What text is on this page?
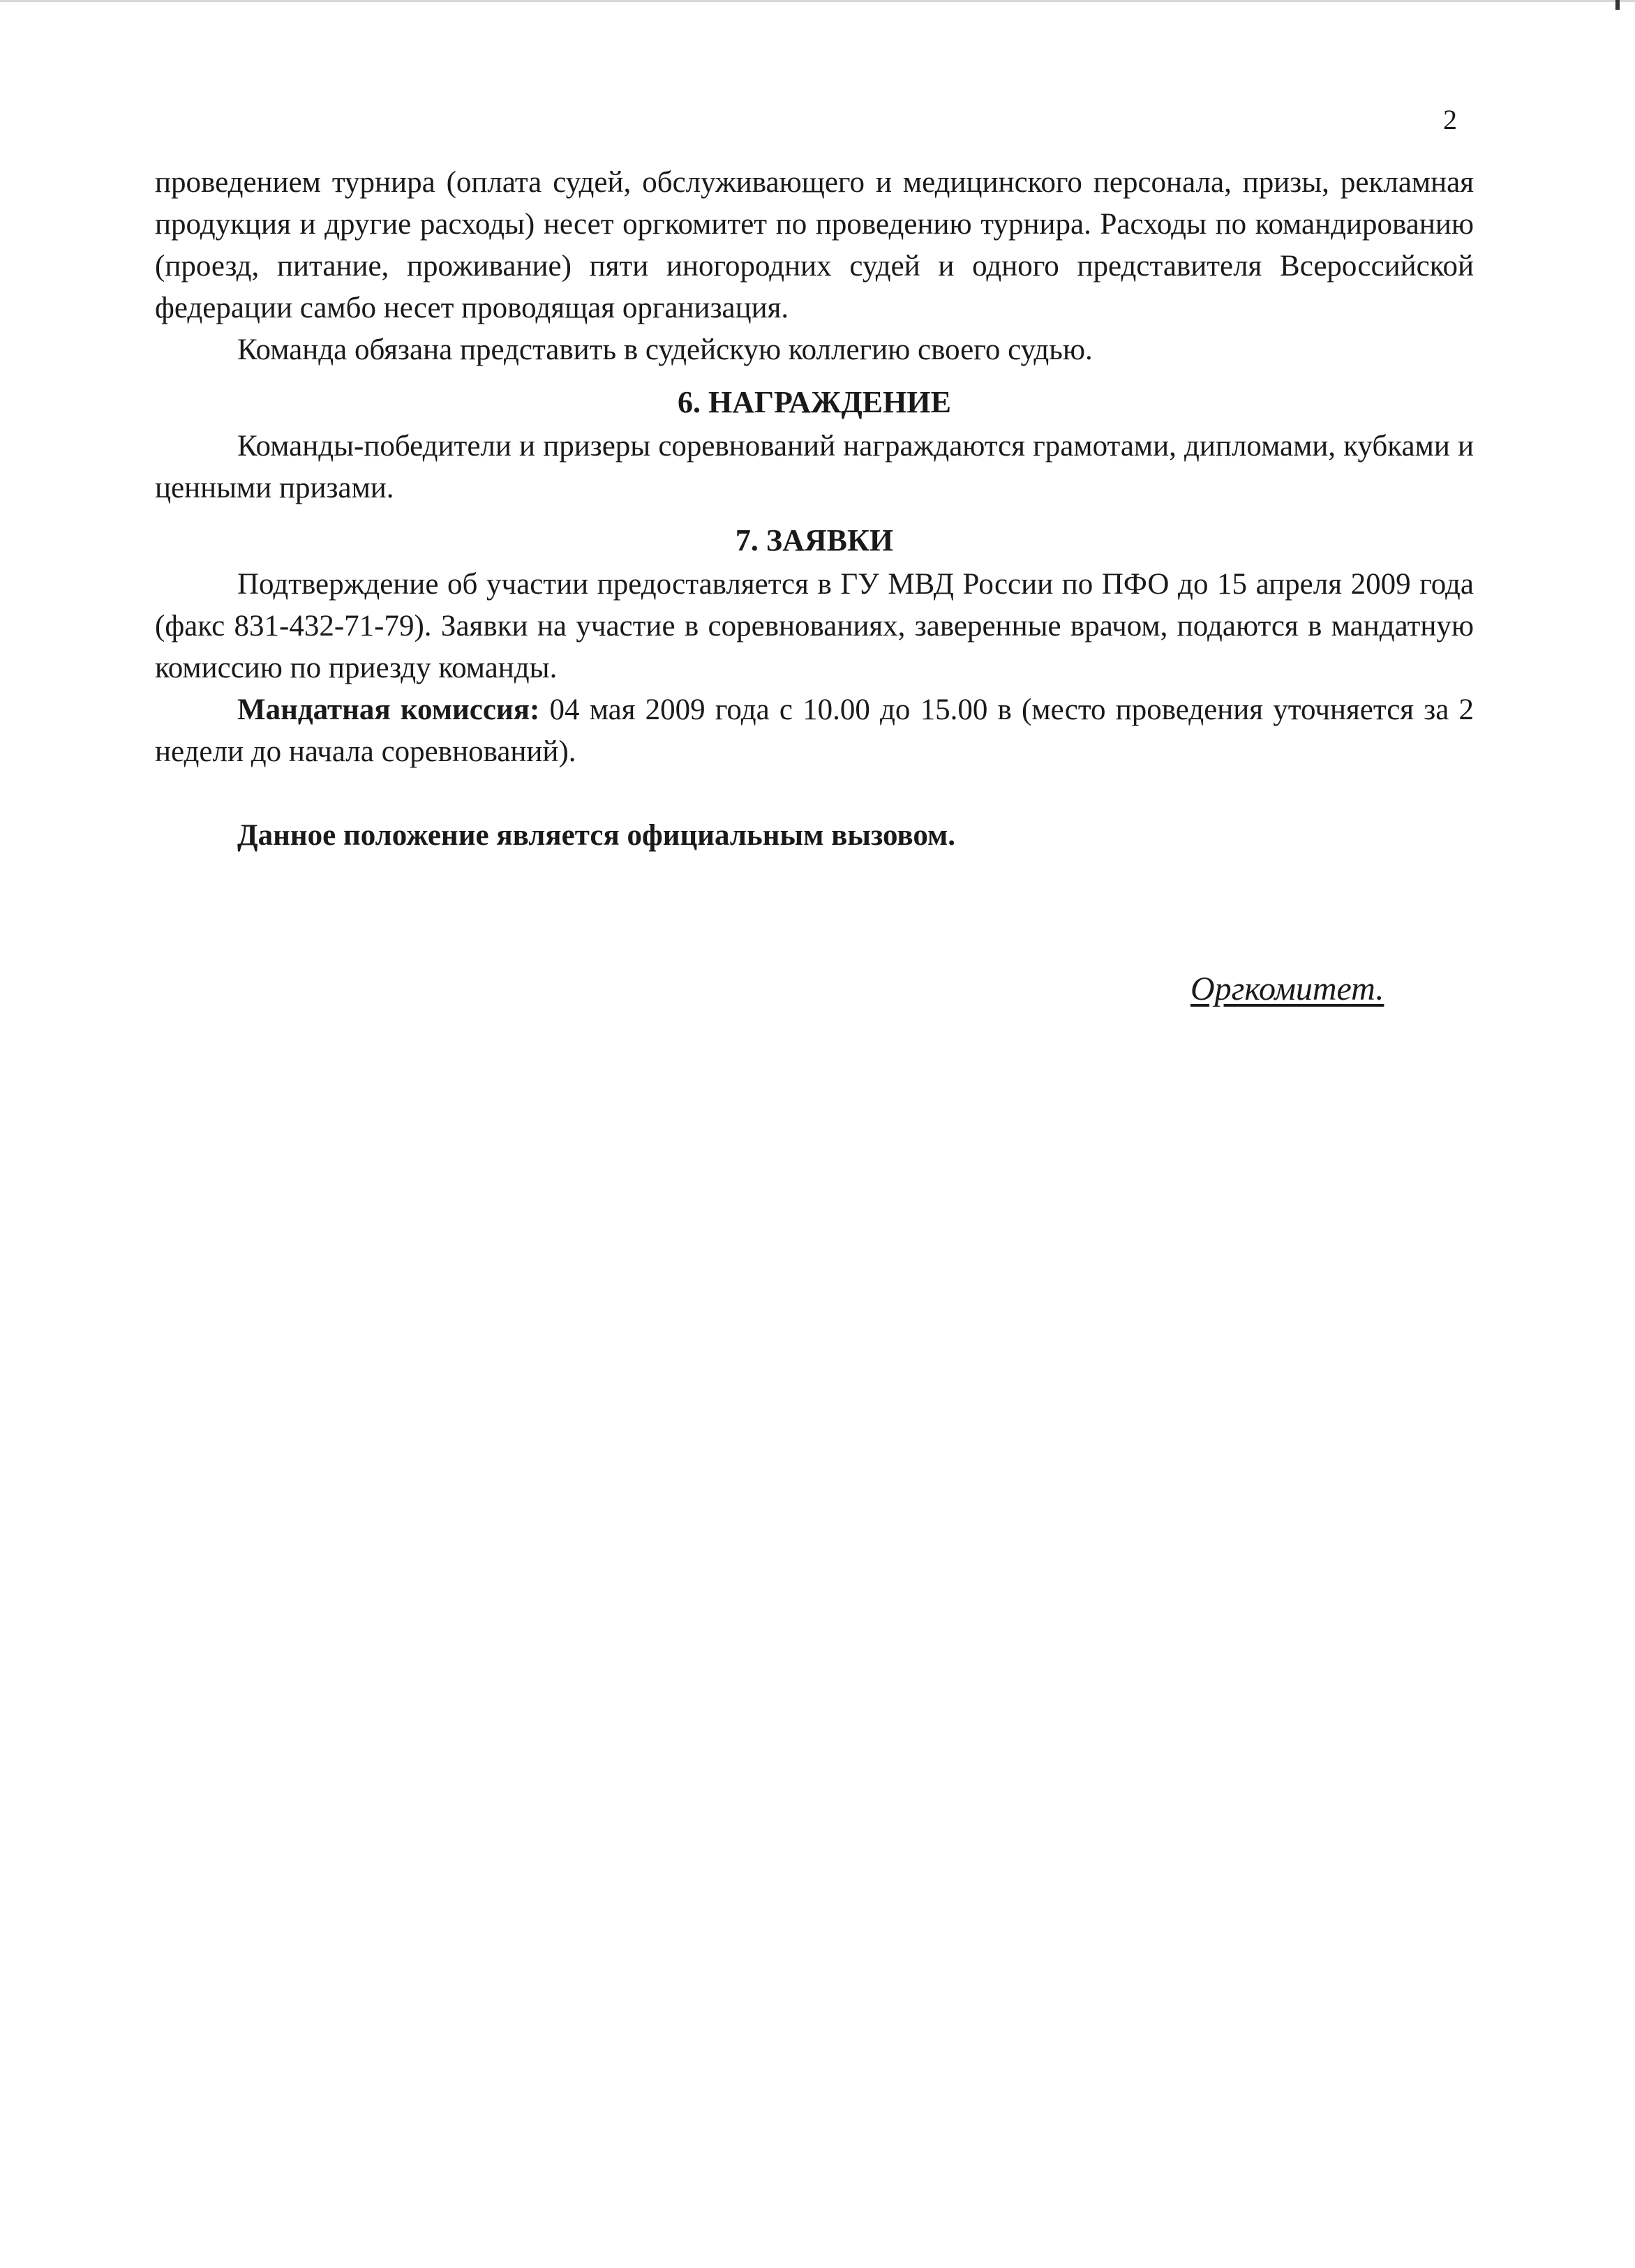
2

проведением турнира (оплата судей, обслуживающего и медицинского персонала, призы, рекламная продукция и другие расходы) несет оргкомитет по проведению турнира. Расходы по командированию (проезд, питание, проживание) пяти иногородних судей и одного представителя Всероссийской федерации самбо несет проводящая организация.

Команда обязана представить в судейскую коллегию своего судью.

6. НАГРАЖДЕНИЕ

Команды-победители и призеры соревнований награждаются грамотами, дипломами, кубками и ценными призами.

7. ЗАЯВКИ

Подтверждение об участии предоставляется в ГУ МВД России по ПФО до 15 апреля 2009 года (факс 831-432-71-79). Заявки на участие в соревнованиях, заверенные врачом, подаются в мандатную комиссию по приезду команды.

Мандатная комиссия: 04 мая 2009 года с 10.00 до 15.00 в (место проведения уточняется за 2 недели до начала соревнований).

Данное положение является официальным вызовом.

Оргкомитет.
